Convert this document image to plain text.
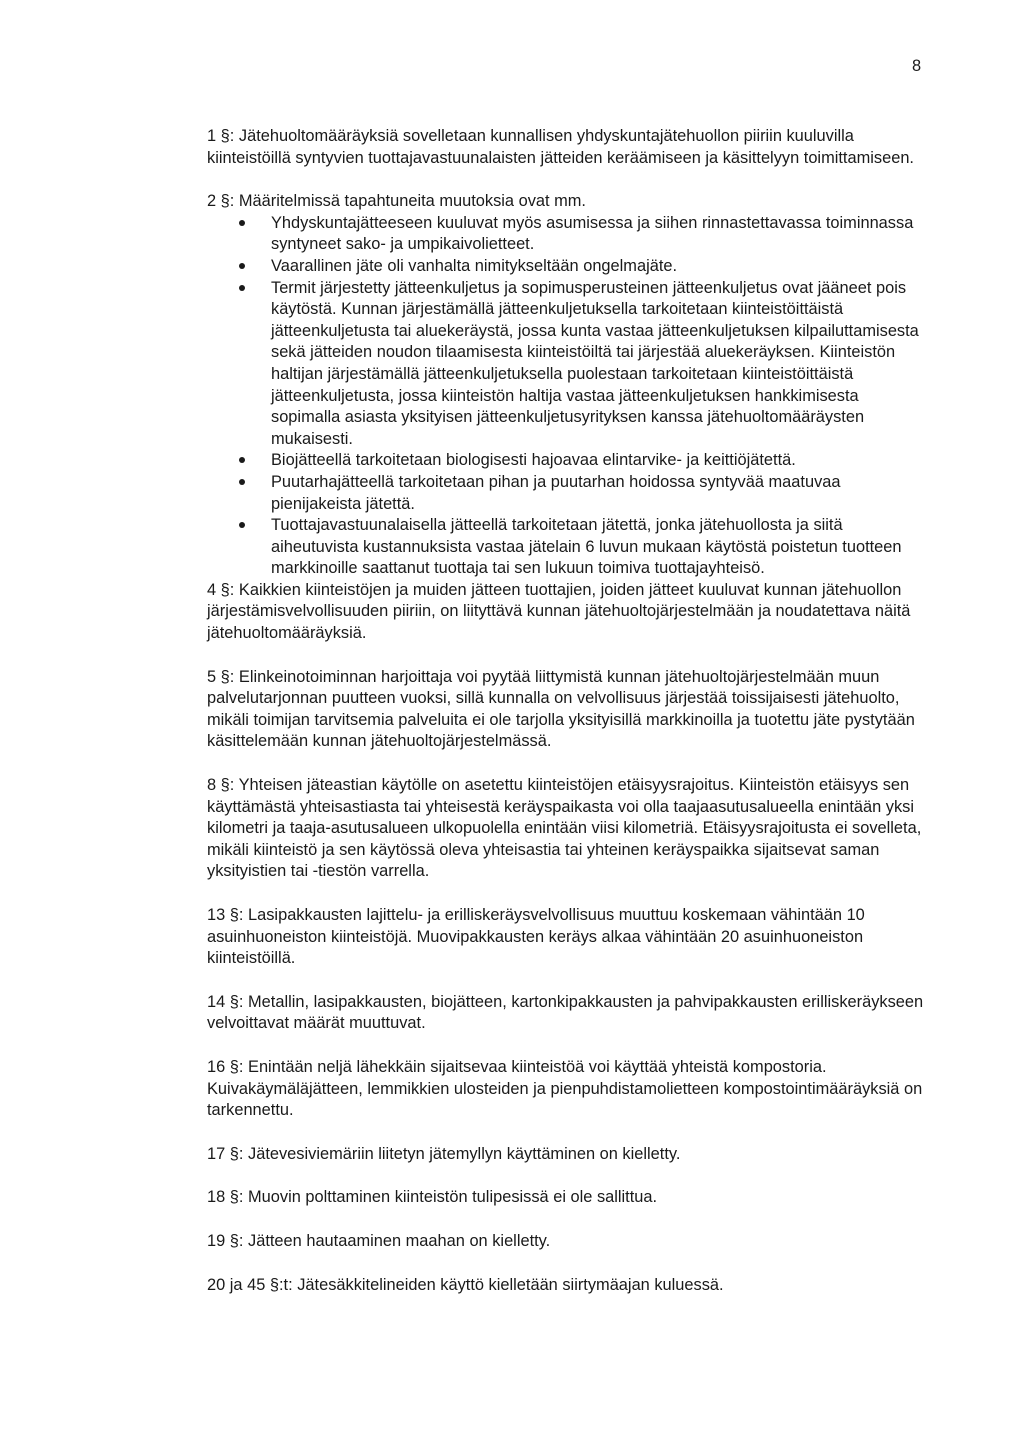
8

1 §: Jätehuoltomääräyksiä sovelletaan kunnallisen yhdyskuntajätehuollon piiriin kuuluvilla kiinteistöillä syntyvien tuottajavastuunalaisten jätteiden keräämiseen ja käsittelyyn toimittamiseen.

2 §: Määritelmissä tapahtuneita muutoksia ovat mm.

Yhdyskuntajätteeseen kuuluvat myös asumisessa ja siihen rinnastettavassa toiminnassa syntyneet sako- ja umpikaivolietteet.
Vaarallinen jäte oli vanhalta nimitykseltään ongelmajäte.
Termit järjestetty jätteenkuljetus ja sopimusperusteinen jätteenkuljetus ovat jääneet pois käytöstä. Kunnan järjestämällä jätteenkuljetuksella tarkoitetaan kiinteistöittäistä jätteenkuljetusta tai aluekeräystä, jossa kunta vastaa jätteenkuljetuksen kilpailuttamisesta sekä jätteiden noudon tilaamisesta kiinteistöiltä tai järjestää aluekeräyksen. Kiinteistön haltijan järjestämällä jätteenkuljetuksella puolestaan tarkoitetaan kiinteistöittäistä jätteenkuljetusta, jossa kiinteistön haltija vastaa jätteenkuljetuksen hankkimisesta sopimalla asiasta yksityisen jätteenkuljetusyrityksen kanssa jätehuoltomääräysten mukaisesti.
Biojätteellä tarkoitetaan biologisesti hajoavaa elintarvike- ja keittiöjätettä.
Puutarhajätteellä tarkoitetaan pihan ja puutarhan hoidossa syntyvää maatuvaa pienijakeista jätettä.
Tuottajavastuunalaisella jätteellä tarkoitetaan jätettä, jonka jätehuollosta ja siitä aiheutuvista kustannuksista vastaa jätelain 6 luvun mukaan käytöstä poistetun tuotteen markkinoille saattanut tuottaja tai sen lukuun toimiva tuottajayhteisö.

4 §: Kaikkien kiinteistöjen ja muiden jätteen tuottajien, joiden jätteet kuuluvat kunnan jätehuollon järjestämisvelvollisuuden piiriin, on liityttävä kunnan jätehuoltojärjestelmään ja noudatettava näitä jätehuoltomääräyksiä.

5 §: Elinkeinotoiminnan harjoittaja voi pyytää liittymistä kunnan jätehuoltojärjestelmään muun palvelutarjonnan puutteen vuoksi, sillä kunnalla on velvollisuus järjestää toissijaisesti jätehuolto, mikäli toimijan tarvitsemia palveluita ei ole tarjolla yksityisillä markkinoilla ja tuotettu jäte pystytään käsittelemään kunnan jätehuoltojärjestelmässä.

8 §: Yhteisen jäteastian käytölle on asetettu kiinteistöjen etäisyysrajoitus. Kiinteistön etäisyys sen käyttämästä yhteisastiasta tai yhteisestä keräyspaikasta voi olla taajaasutusalueella enintään yksi kilometri ja taaja-asutusalueen ulkopuolella enintään viisi kilometriä. Etäisyysrajoitusta ei sovelleta, mikäli kiinteistö ja sen käytössä oleva yhteisastia tai yhteinen keräyspaikka sijaitsevat saman yksityistien tai -tiestön varrella.

13 §: Lasipakkausten lajittelu- ja erilliskeräysvelvollisuus muuttuu koskemaan vähintään 10 asuinhuoneiston kiinteistöjä. Muovipakkausten keräys alkaa vähintään 20 asuinhuoneiston kiinteistöillä.

14 §: Metallin, lasipakkausten, biojätteen, kartonkipakkausten ja pahvipakkausten erilliskeräykseen velvoittavat määrät muuttuvat.

16 §: Enintään neljä lähekkäin sijaitsevaa kiinteistöä voi käyttää yhteistä kompostoria. Kuivakäymäläjätteen, lemmikkien ulosteiden ja pienpuhdistamolietteen kompostointimääräyksiä on tarkennettu.

17 §: Jätevesiviemäriin liitetyn jätemyllyn käyttäminen on kielletty.

18 §: Muovin polttaminen kiinteistön tulipesissä ei ole sallittua.

19 §: Jätteen hautaaminen maahan on kielletty.

20 ja 45 §:t: Jätesäkkitelineiden käyttö kielletään siirtymäajan kuluessä.
